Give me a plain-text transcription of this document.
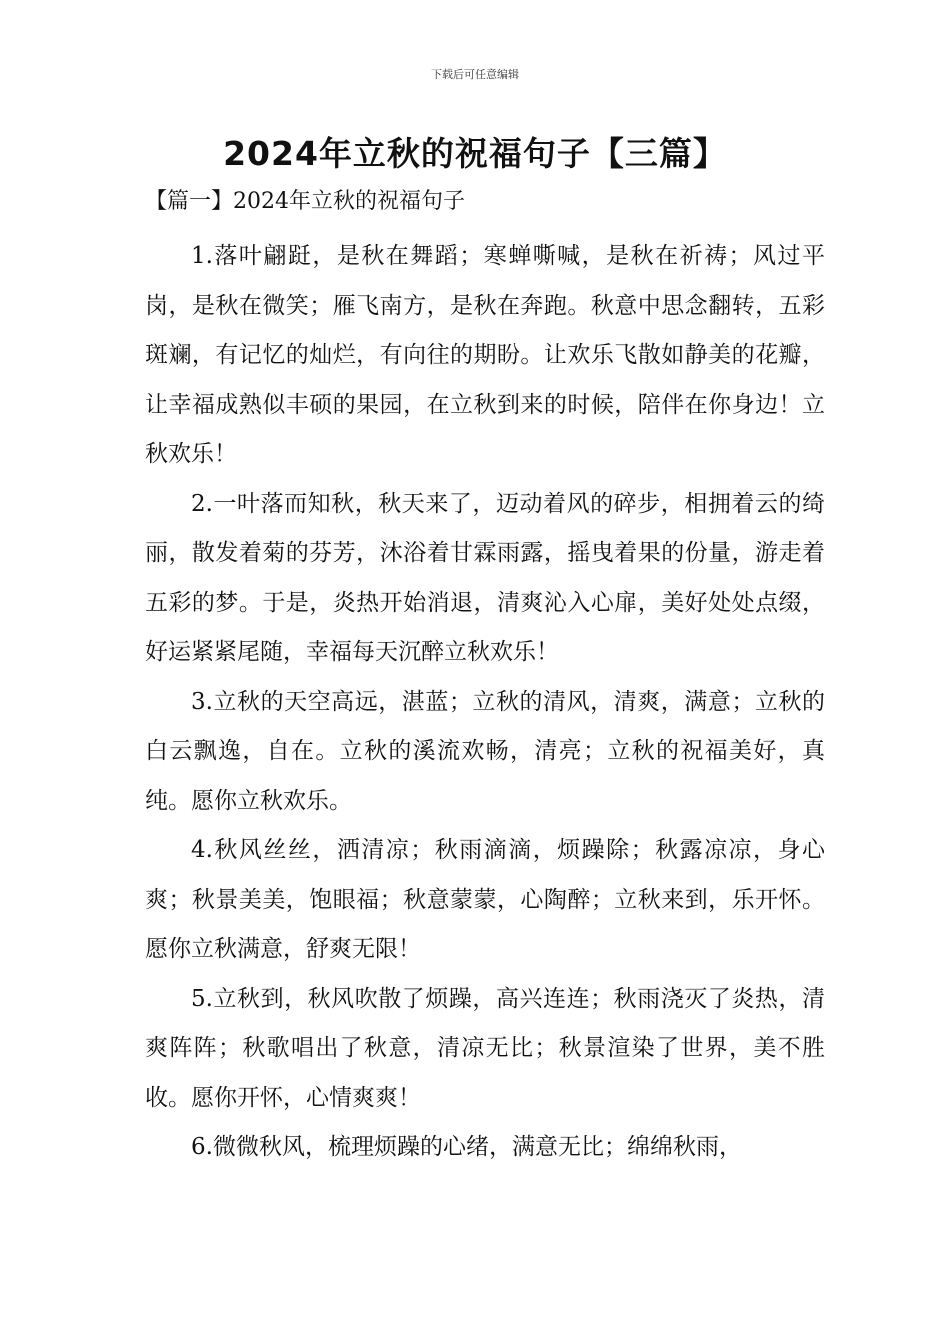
下载后可任意编辑
2024年立秋的祝福句子【三篇】
【篇一】2024年立秋的祝福句子

1.落叶翩跹，是秋在舞蹈；寒蝉嘶喊，是秋在祈祷；风过平岗，是秋在微笑；雁飞南方，是秋在奔跑。秋意中思念翻转，五彩斑斓，有记忆的灿烂，有向往的期盼。让欢乐飞散如静美的花瓣，让幸福成熟似丰硕的果园，在立秋到来的时候，陪伴在你身边！立秋欢乐！

2.一叶落而知秋，秋天来了，迈动着风的碎步，相拥着云的绮丽，散发着菊的芬芳，沐浴着甘霖雨露，摇曳着果的份量，游走着五彩的梦。于是，炎热开始消退，清爽沁入心扉，美好处处点缀，好运紧紧尾随，幸福每天沉醉立秋欢乐！

3.立秋的天空高远，湛蓝；立秋的清风，清爽，满意；立秋的白云飘逸，自在。立秋的溪流欢畅，清亮；立秋的祝福美好，真纯。愿你立秋欢乐。

4.秋风丝丝，洒清凉；秋雨滴滴，烦躁除；秋露凉凉，身心爽；秋景美美，饱眼福；秋意蒙蒙，心陶醉；立秋来到，乐开怀。愿你立秋满意，舒爽无限！

5.立秋到，秋风吹散了烦躁，高兴连连；秋雨浇灭了炎热，清爽阵阵；秋歌唱出了秋意，清凉无比；秋景渲染了世界，美不胜收。愿你开怀，心情爽爽！

6.微微秋风，梳理烦躁的心绪，满意无比；绵绵秋雨，
